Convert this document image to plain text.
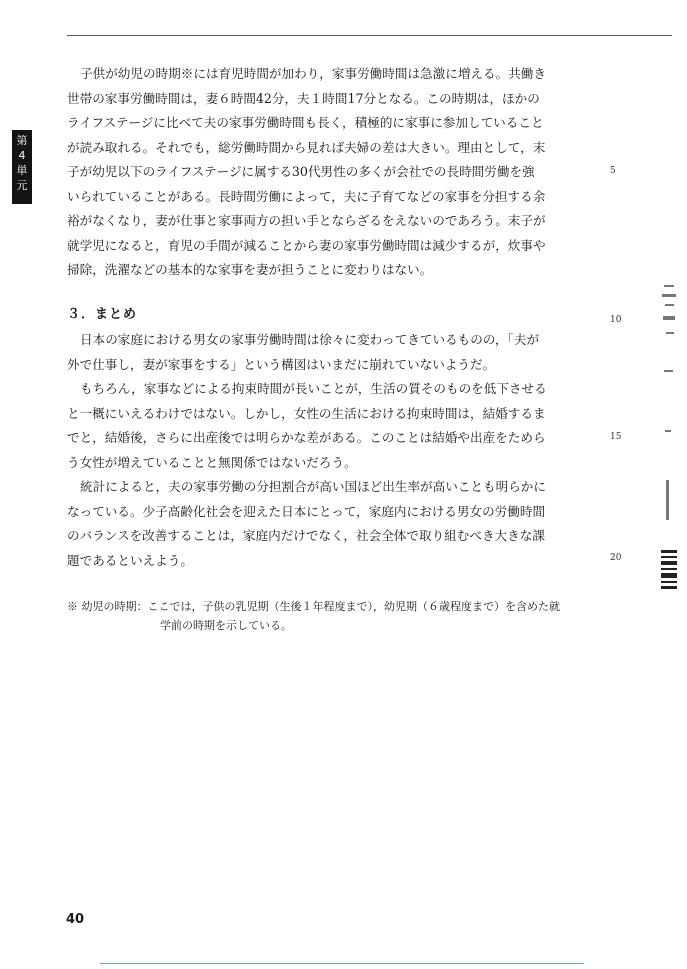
第
4
単
元
子供が幼児の時期※には育児時間が加わり，家事労働時間は急激に増える。共働き
世帯の家事労働時間は，妻６時間42分，夫１時間17分となる。この時期は，ほかの
ライフステージに比べて夫の家事労働時間も長く，積極的に家事に参加していること
が読み取れる。それでも，総労働時間から見れば夫婦の差は大きい。理由として，末
子が幼児以下のライフステージに属する30代男性の多くが会社での長時間労働を強
いられていることがある。長時間労働によって，夫に子育てなどの家事を分担する余
裕がなくなり，妻が仕事と家事両方の担い手とならざるをえないのであろう。末子が
就学児になると，育児の手間が減ることから妻の家事労働時間は減少するが，炊事や
掃除，洗濯などの基本的な家事を妻が担うことに変わりはない。
３．まとめ
日本の家庭における男女の家事労働時間は徐々に変わってきているものの，「夫が
外で仕事し，妻が家事をする」という構図はいまだに崩れていないようだ。
もちろん，家事などによる拘束時間が長いことが，生活の質そのものを低下させる
と一概にいえるわけではない。しかし，女性の生活における拘束時間は，結婚するま
でと，結婚後，さらに出産後では明らかな差がある。このことは結婚や出産をためら
う女性が増えていることと無関係ではないだろう。
統計によると，夫の家事労働の分担割合が高い国ほど出生率が高いことも明らかに
なっている。少子高齢化社会を迎えた日本にとって，家庭内における男女の労働時間
のバランスを改善することは，家庭内だけでなく，社会全体で取り組むべき大きな課
題であるといえよう。
5
10
15
20
※ 幼児の時期：ここでは，子供の乳児期（生後１年程度まで），幼児期（６歳程度まで）を含めた就
学前の時期を示している。
40
